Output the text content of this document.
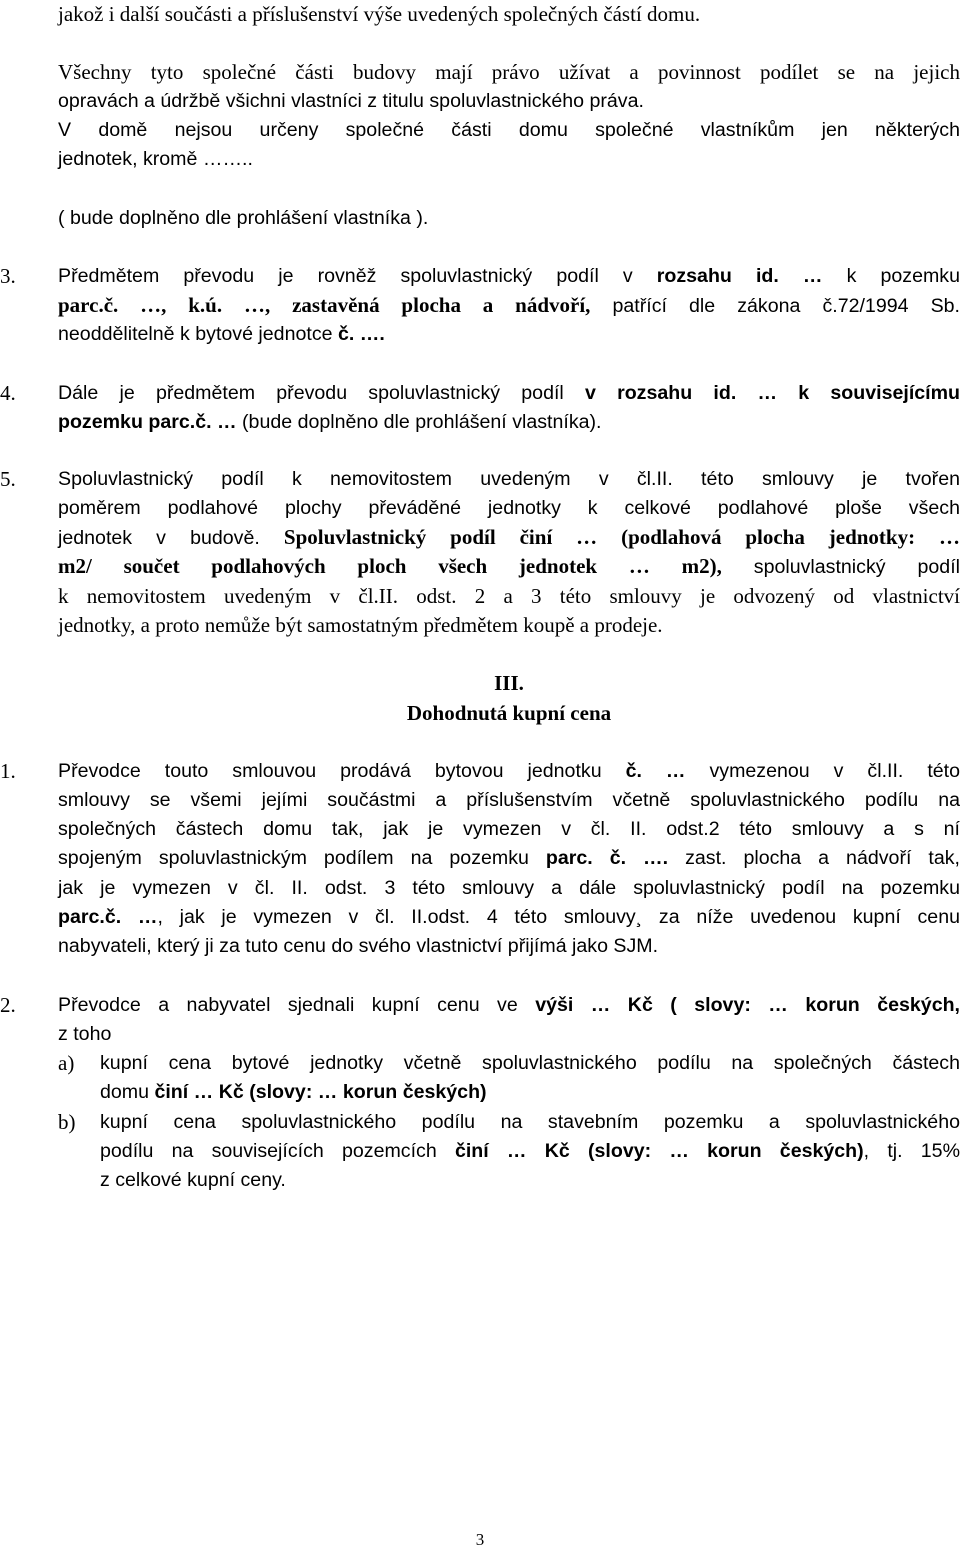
jakož i další součásti a příslušenství výše uvedených společných částí domu.
Všechny tyto společné části budovy mají právo užívat a povinnost podílet se na jejich
opravách a údržbě všichni vlastníci z titulu spoluvlastnického práva.
V domě nejsou určeny společné části domu společné vlastníkům jen některých
jednotek, kromě ……..
( bude doplněno dle prohlášení vlastníka ).
3.	Předmětem převodu je rovněž spoluvlastnický podíl v rozsahu id. … k pozemku
parc.č. …, k.ú. …, zastavěná plocha a nádvoří, patřící dle zákona č.72/1994 Sb.
neoddělitelně k bytové jednotce č. ….
4.	Dále je předmětem převodu spoluvlastnický podíl v rozsahu id. … k souvisejícímu
pozemku parc.č. … (bude doplněno dle prohlášení vlastníka).
5.	Spoluvlastnický podíl k nemovitostem uvedeným v čl.II. této smlouvy je tvořen
poměrem podlahové plochy převáděné jednotky k celkové podlahové ploše všech
jednotek v budově. Spoluvlastnický podíl činí … (podlahová plocha jednotky: …
m2/ součet podlahových ploch všech jednotek … m2), spoluvlastnický podíl
k nemovitostem uvedeným v čl.II. odst. 2 a 3 této smlouvy je odvozený od vlastnictví
jednotky, a proto nemůže být samostatným předmětem koupě a prodeje.
III.
Dohodnutá kupní cena
1.	Převodce touto smlouvou prodává bytovou jednotku č. … vymezenou v čl.II. této
smlouvy se všemi jejími součástmi a příslušenstvím včetně spoluvlastnického podílu na
společných částech domu tak, jak je vymezen v čl. II. odst.2 této smlouvy a s ní
spojeným spoluvlastnickým podílem na pozemku parc. č. …. zast. plocha a nádvoří tak,
jak je vymezen v čl. II. odst. 3 této smlouvy a dále spoluvlastnický podíl na pozemku
parc.č. …, jak je vymezen v čl. II.odst. 4 této smlouvy¸ za níže uvedenou kupní cenu
nabyvateli, který ji za tuto cenu do svého vlastnictví přijímá jako SJM.
2.	Převodce a nabyvatel sjednali kupní cenu ve výši … Kč ( slovy: … korun českých,
z toho
a) kupní cena bytové jednotky včetně spoluvlastnického podílu na společných částech
domu činí … Kč (slovy: … korun českých)
b) kupní cena spoluvlastnického podílu na stavebním pozemku a spoluvlastnického
podílu na souvisejících pozemcích činí … Kč (slovy: … korun českých), tj. 15%
z celkové kupní ceny.
3
